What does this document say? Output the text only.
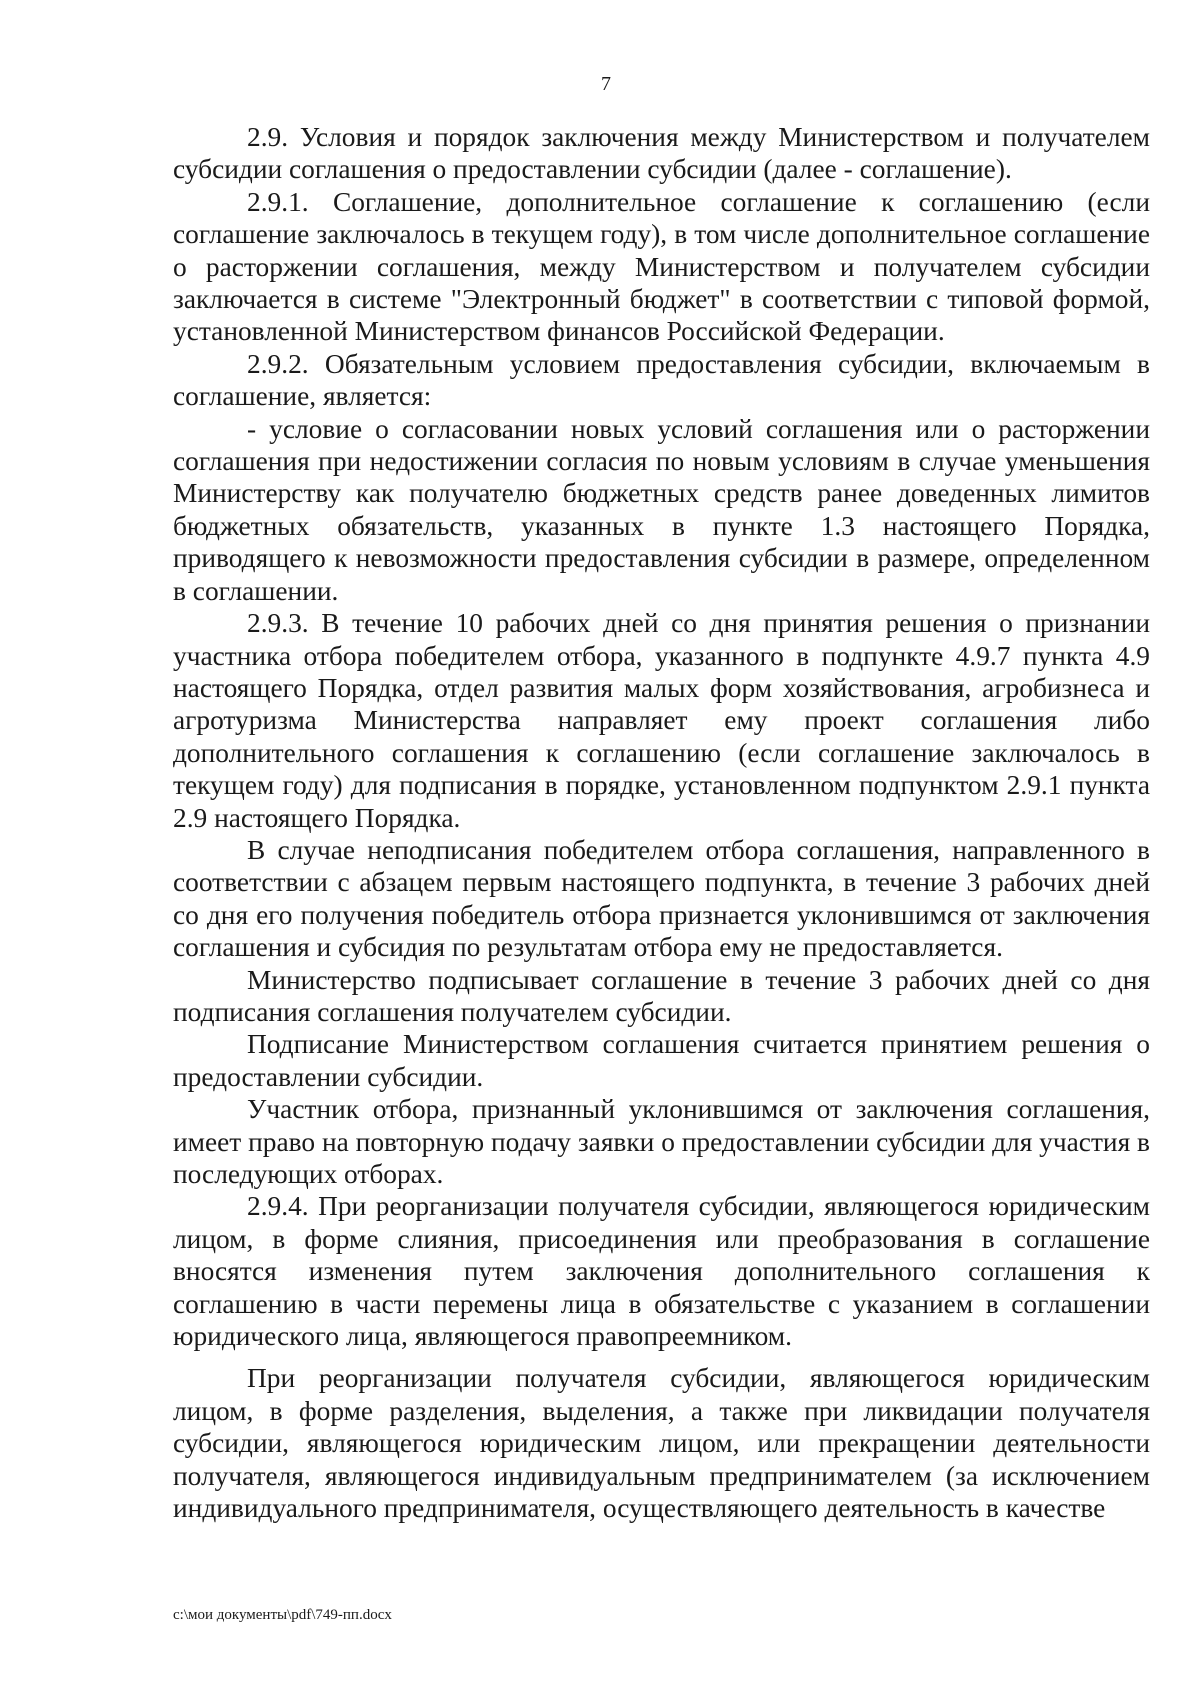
7

2.9. Условия и порядок заключения между Министерством и получателем субсидии соглашения о предоставлении субсидии (далее - соглашение).

2.9.1. Соглашение, дополнительное соглашение к соглашению (если соглашение заключалось в текущем году), в том числе дополнительное соглашение о расторжении соглашения, между Министерством и получателем субсидии заключается в системе "Электронный бюджет" в соответствии с типовой формой, установленной Министерством финансов Российской Федерации.

2.9.2. Обязательным условием предоставления субсидии, включаемым в соглашение, является:

- условие о согласовании новых условий соглашения или о расторжении соглашения при недостижении согласия по новым условиям в случае уменьшения Министерству как получателю бюджетных средств ранее доведенных лимитов бюджетных обязательств, указанных в пункте 1.3 настоящего Порядка, приводящего к невозможности предоставления субсидии в размере, определенном в соглашении.

2.9.3. В течение 10 рабочих дней со дня принятия решения о признании участника отбора победителем отбора, указанного в подпункте 4.9.7 пункта 4.9 настоящего Порядка, отдел развития малых форм хозяйствования, агробизнеса и агротуризма Министерства направляет ему проект соглашения либо дополнительного соглашения к соглашению (если соглашение заключалось в текущем году) для подписания в порядке, установленном подпунктом 2.9.1 пункта 2.9 настоящего Порядка.

В случае неподписания победителем отбора соглашения, направленного в соответствии с абзацем первым настоящего подпункта, в течение 3 рабочих дней со дня его получения победитель отбора признается уклонившимся от заключения соглашения и субсидия по результатам отбора ему не предоставляется.

Министерство подписывает соглашение в течение 3 рабочих дней со дня подписания соглашения получателем субсидии.

Подписание Министерством соглашения считается принятием решения о предоставлении субсидии.

Участник отбора, признанный уклонившимся от заключения соглашения, имеет право на повторную подачу заявки о предоставлении субсидии для участия в последующих отборах.

2.9.4. При реорганизации получателя субсидии, являющегося юридическим лицом, в форме слияния, присоединения или преобразования в соглашение вносятся изменения путем заключения дополнительного соглашения к соглашению в части перемены лица в обязательстве с указанием в соглашении юридического лица, являющегося правопреемником.

При реорганизации получателя субсидии, являющегося юридическим лицом, в форме разделения, выделения, а также при ликвидации получателя субсидии, являющегося юридическим лицом, или прекращении деятельности получателя, являющегося индивидуальным предпринимателем (за исключением индивидуального предпринимателя, осуществляющего деятельность в качестве

c:\мои документы\pdf\749-пп.docx
